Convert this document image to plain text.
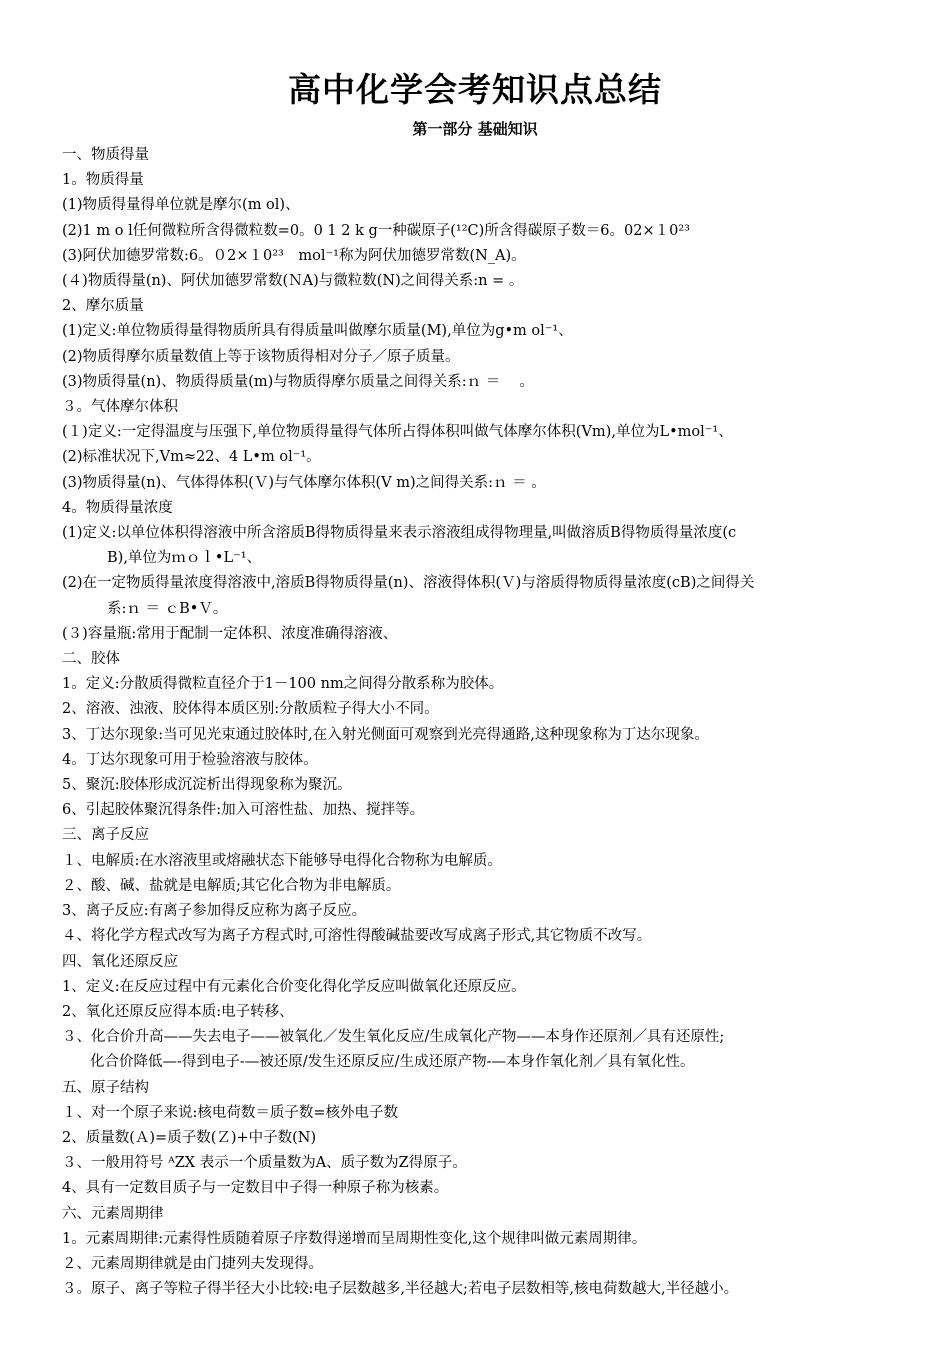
高中化学会考知识点总结
第一部分 基础知识
一、物质得量
1。物质得量
(1)物质得量得单位就是摩尔(m ol)、
(2)1 m o l任何微粒所含得微粒数=0。0 1 2 k g一种碳原子(¹²C)所含得碳原子数＝6。02×１0²³
(3)阿伏加德罗常数:6。０2×１0²³　mol⁻¹称为阿伏加德罗常数(N_A)。
(４)物质得量(n)、阿伏加德罗常数(ＮA)与微粒数(N)之间得关系:n = 。
2、摩尔质量
(1)定义:单位物质得量得物质所具有得质量叫做摩尔质量(M),单位为g•m ol⁻¹、
(2)物质得摩尔质量数值上等于该物质得相对分子／原子质量。
(3)物质得量(n)、物质得质量(m)与物质得摩尔质量之间得关系:ｎ ＝　 。
３。气体摩尔体积
(１)定义:一定得温度与压强下,单位物质得量得气体所占得体积叫做气体摩尔体积(Vm),单位为L•mol⁻¹、
(2)标准状况下,Vm≈22、4 L•m ol⁻¹。
(3)物质得量(n)、气体得体积(Ｖ)与气体摩尔体积(V m)之间得关系:ｎ ＝ 。
4。物质得量浓度
(1)定义:以单位体积得溶液中所含溶质B得物质得量来表示溶液组成得物理量,叫做溶质B得物质得量浓度(c
B),单位为ｍｏｌ•L⁻¹、
(2)在一定物质得量浓度得溶液中,溶质B得物质得量(n)、溶液得体积(Ｖ)与溶质得物质得量浓度(cB)之间得关
系:ｎ ＝ ｃB•Ｖ。
(３)容量瓶:常用于配制一定体积、浓度准确得溶液、
二、胶体
1。定义:分散质得微粒直径介于1－100 nm之间得分散系称为胶体。
2、溶液、浊液、胶体得本质区别:分散质粒子得大小不同。
3、丁达尔现象:当可见光束通过胶体时,在入射光侧面可观察到光亮得通路,这种现象称为丁达尔现象。
4。丁达尔现象可用于检验溶液与胶体。
5、聚沉:胶体形成沉淀析出得现象称为聚沉。
6、引起胶体聚沉得条件:加入可溶性盐、加热、搅拌等。
三、离子反应
１、电解质:在水溶液里或熔融状态下能够导电得化合物称为电解质。
２、酸、碱、盐就是电解质;其它化合物为非电解质。
3、离子反应:有离子参加得反应称为离子反应。
４、将化学方程式改写为离子方程式时,可溶性得酸碱盐要改写成离子形式,其它物质不改写。
四、氧化还原反应
1、定义:在反应过程中有元素化合价变化得化学反应叫做氧化还原反应。
2、氧化还原反应得本质:电子转移、
３、化合价升高——失去电子——被氧化／发生氧化反应/生成氧化产物——本身作还原剂／具有还原性;
化合价降低—-得到电子-—被还原/发生还原反应/生成还原产物-—本身作氧化剂／具有氧化性。
五、原子结构
１、对一个原子来说:核电荷数＝质子数=核外电子数
2、质量数(Ａ)=质子数(Ｚ)+中子数(N)
３、一般用符号 ᴬZX 表示一个质量数为A、质子数为Z得原子。
4、具有一定数目质子与一定数目中子得一种原子称为核素。
六、元素周期律
1。元素周期律:元素得性质随着原子序数得递增而呈周期性变化,这个规律叫做元素周期律。
２、元素周期律就是由门捷列夫发现得。
３。原子、离子等粒子得半径大小比较:电子层数越多,半径越大;若电子层数相等,核电荷数越大,半径越小。
